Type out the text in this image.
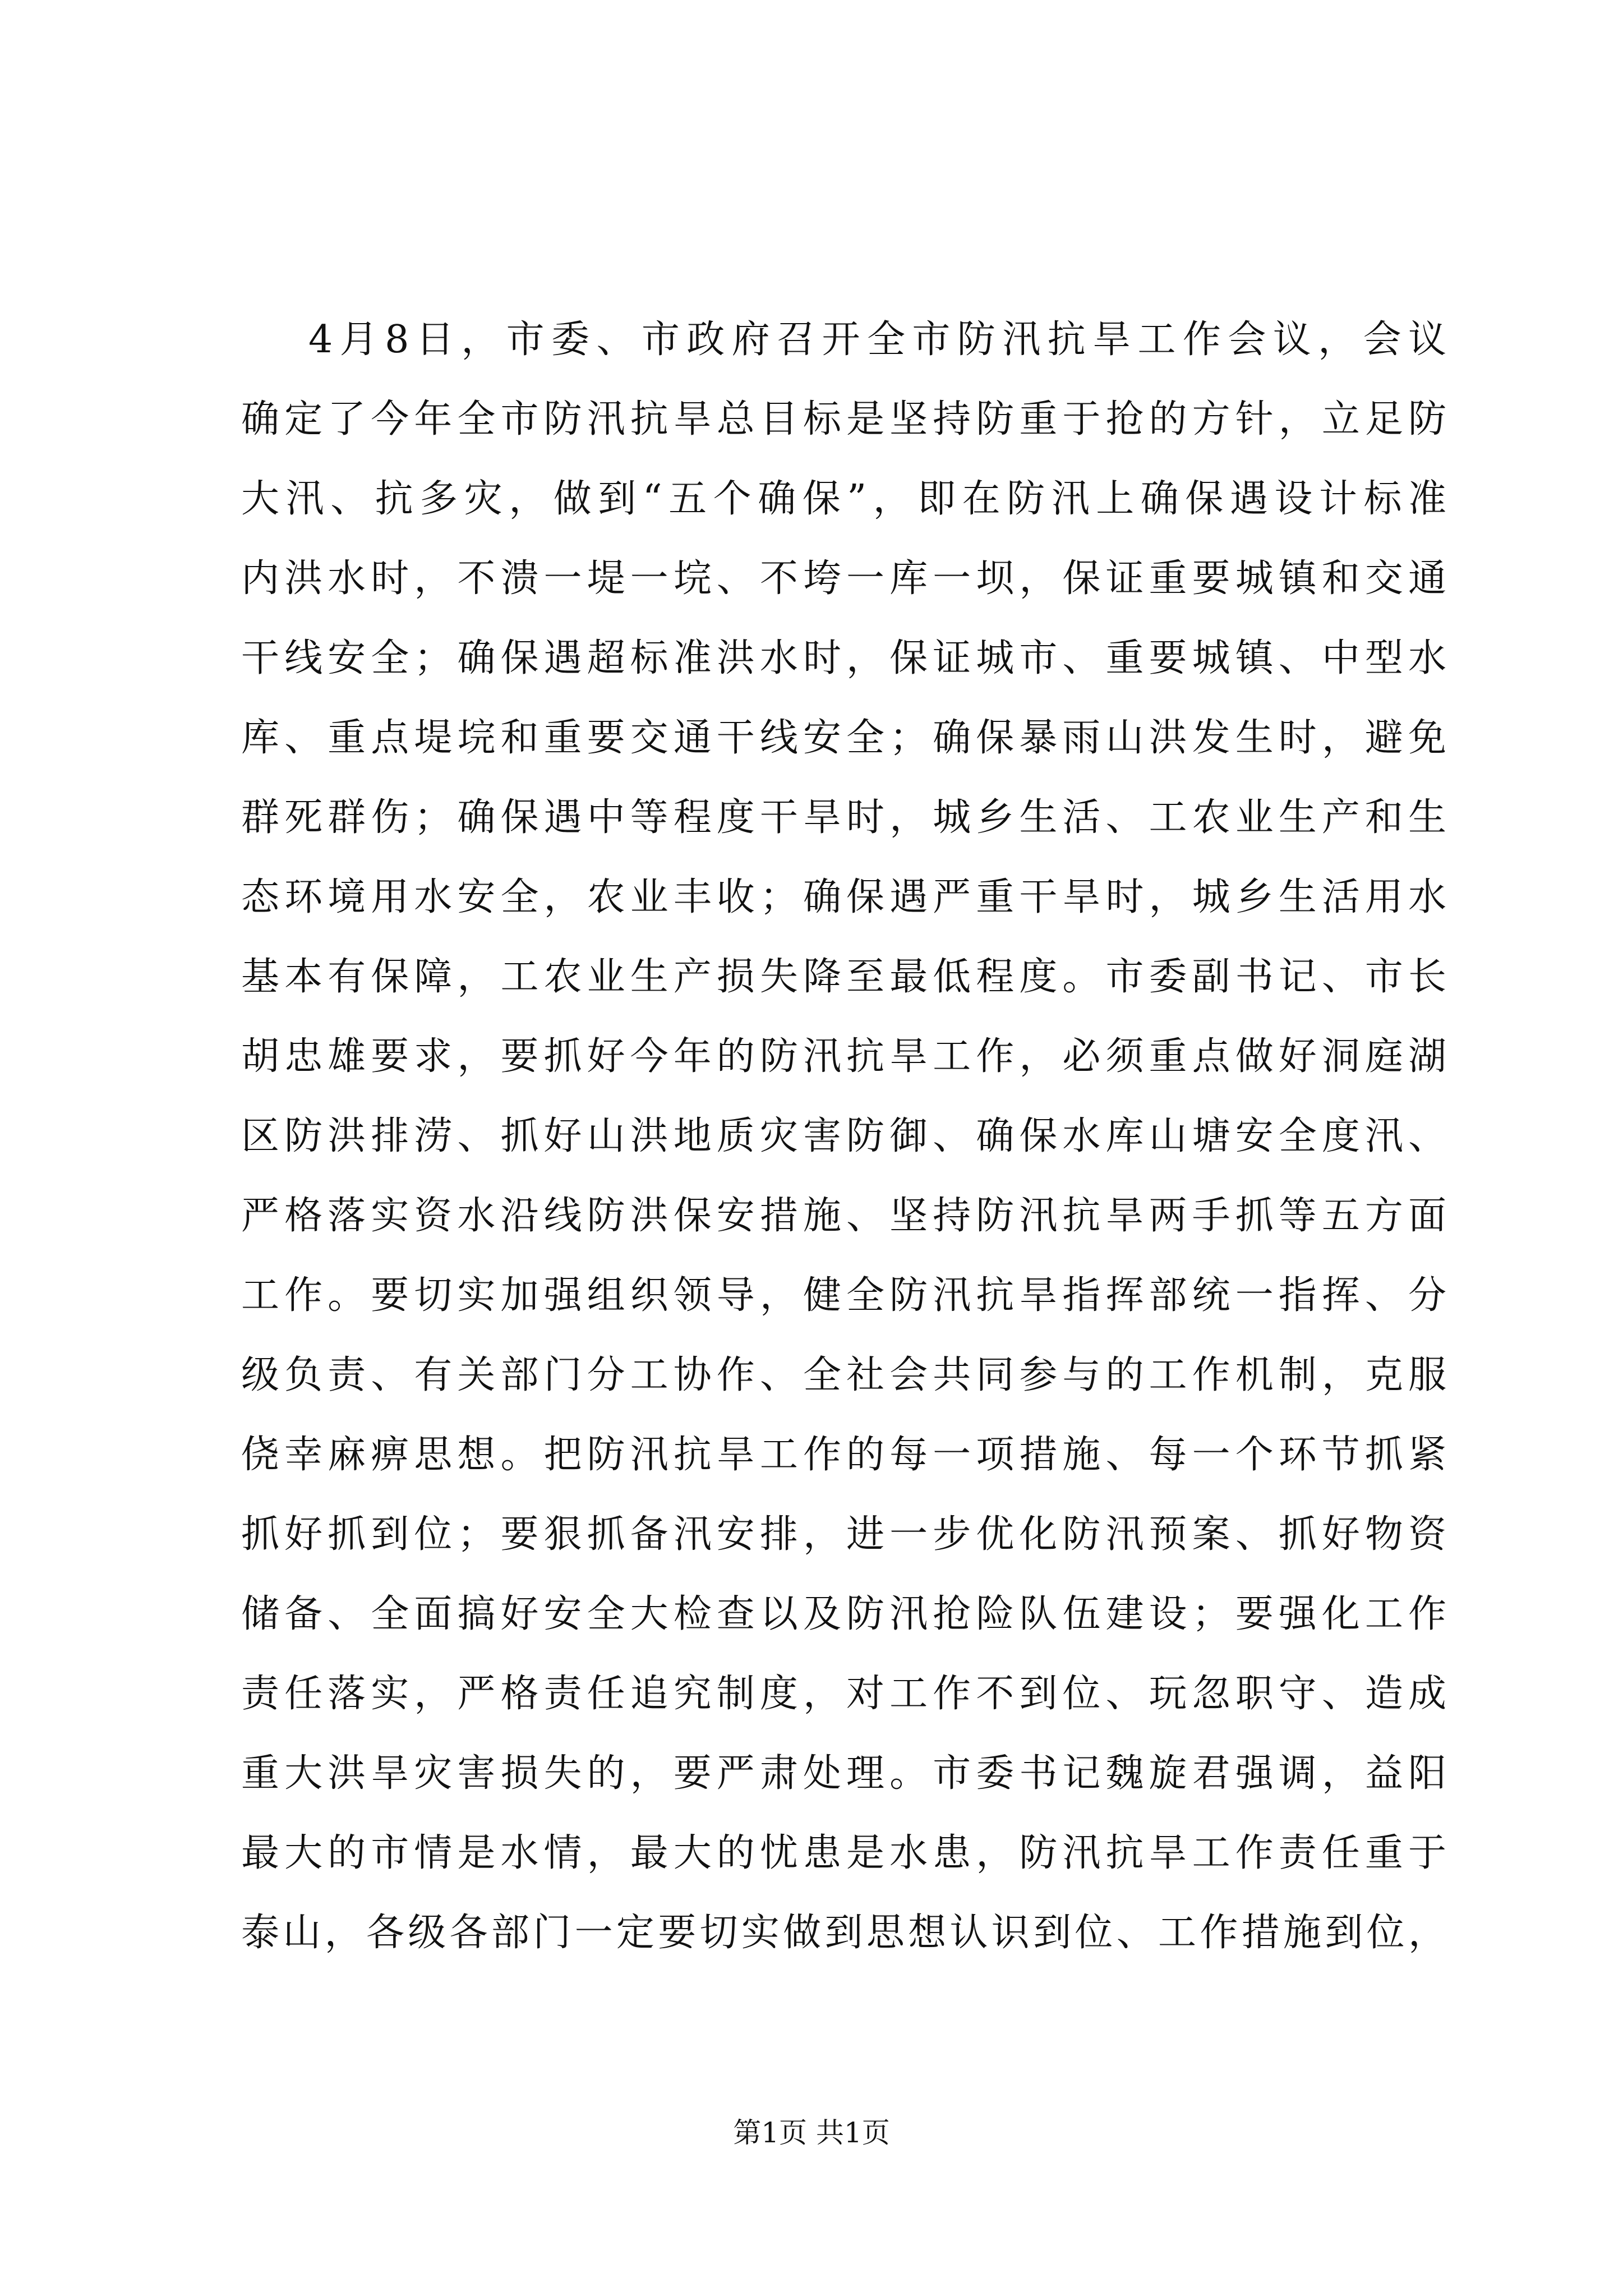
4月8日，市委、市政府召开全市防汛抗旱工作会议，会议
确定了今年全市防汛抗旱总目标是坚持防重于抢的方针，立足防
大汛、抗多灾，做到“五个确保”，即在防汛上确保遇设计标准
内洪水时，不溃一堤一垸、不垮一库一坝，保证重要城镇和交通
干线安全；确保遇超标准洪水时，保证城市、重要城镇、中型水
库、重点堤垸和重要交通干线安全；确保暴雨山洪发生时，避免
群死群伤；确保遇中等程度干旱时，城乡生活、工农业生产和生
态环境用水安全，农业丰收；确保遇严重干旱时，城乡生活用水
基本有保障，工农业生产损失降至最低程度。市委副书记、市长
胡忠雄要求，要抓好今年的防汛抗旱工作，必须重点做好洞庭湖
区防洪排涝、抓好山洪地质灾害防御、确保水库山塘安全度汛、
严格落实资水沿线防洪保安措施、坚持防汛抗旱两手抓等五方面
工作。要切实加强组织领导，健全防汛抗旱指挥部统一指挥、分
级负责、有关部门分工协作、全社会共同参与的工作机制，克服
侥幸麻痹思想。把防汛抗旱工作的每一项措施、每一个环节抓紧
抓好抓到位；要狠抓备汛安排，进一步优化防汛预案、抓好物资
储备、全面搞好安全大检查以及防汛抢险队伍建设；要强化工作
责任落实，严格责任追究制度，对工作不到位、玩忽职守、造成
重大洪旱灾害损失的，要严肃处理。市委书记魏旋君强调，益阳
最大的市情是水情，最大的忧患是水患，防汛抗旱工作责任重于
泰山，各级各部门一定要切实做到思想认识到位、工作措施到位，
第1页 共1页
